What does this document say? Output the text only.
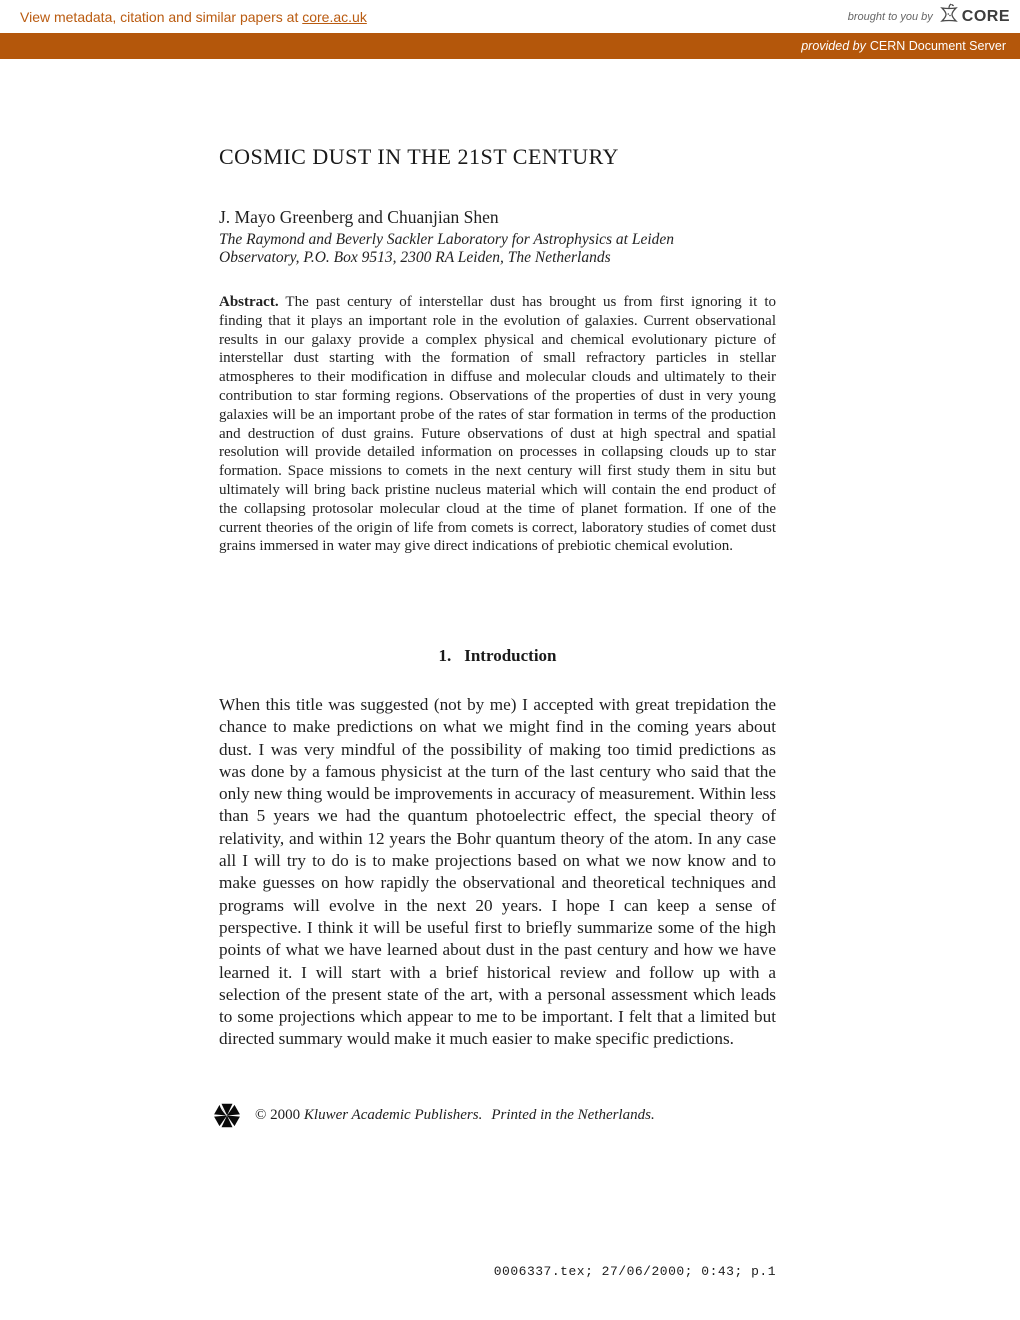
View metadata, citation and similar papers at core.ac.uk	brought to you by CORE
provided by CERN Document Server
COSMIC DUST IN THE 21ST CENTURY
J. Mayo Greenberg and Chuanjian Shen
The Raymond and Beverly Sackler Laboratory for Astrophysics at Leiden
Observatory, P.O. Box 9513, 2300 RA Leiden, The Netherlands

Abstract. The past century of interstellar dust has brought us from first ignoring it to finding that it plays an important role in the evolution of galaxies. Current observational results in our galaxy provide a complex physical and chemical evolutionary picture of interstellar dust starting with the formation of small refractory particles in stellar atmospheres to their modification in diffuse and molecular clouds and ultimately to their contribution to star forming regions. Observations of the properties of dust in very young galaxies will be an important probe of the rates of star formation in terms of the production and destruction of dust grains. Future observations of dust at high spectral and spatial resolution will provide detailed information on processes in collapsing clouds up to star formation. Space missions to comets in the next century will first study them in situ but ultimately will bring back pristine nucleus material which will contain the end product of the collapsing protosolar molecular cloud at the time of planet formation. If one of the current theories of the origin of life from comets is correct, laboratory studies of comet dust grains immersed in water may give direct indications of prebiotic chemical evolution.

1. Introduction

When this title was suggested (not by me) I accepted with great trepidation the chance to make predictions on what we might find in the coming years about dust. I was very mindful of the possibility of making too timid predictions as was done by a famous physicist at the turn of the last century who said that the only new thing would be improvements in accuracy of measurement. Within less than 5 years we had the quantum photoelectric effect, the special theory of relativity, and within 12 years the Bohr quantum theory of the atom. In any case all I will try to do is to make projections based on what we now know and to make guesses on how rapidly the observational and theoretical techniques and programs will evolve in the next 20 years. I hope I can keep a sense of perspective. I think it will be useful first to briefly summarize some of the high points of what we have learned about dust in the past century and how we have learned it. I will start with a brief historical review and follow up with a selection of the present state of the art, with a personal assessment which leads to some projections which appear to me to be important. I felt that a limited but directed summary would make it much easier to make specific predictions.

© 2000 Kluwer Academic Publishers. Printed in the Netherlands.
0006337.tex; 27/06/2000; 0:43; p.1
